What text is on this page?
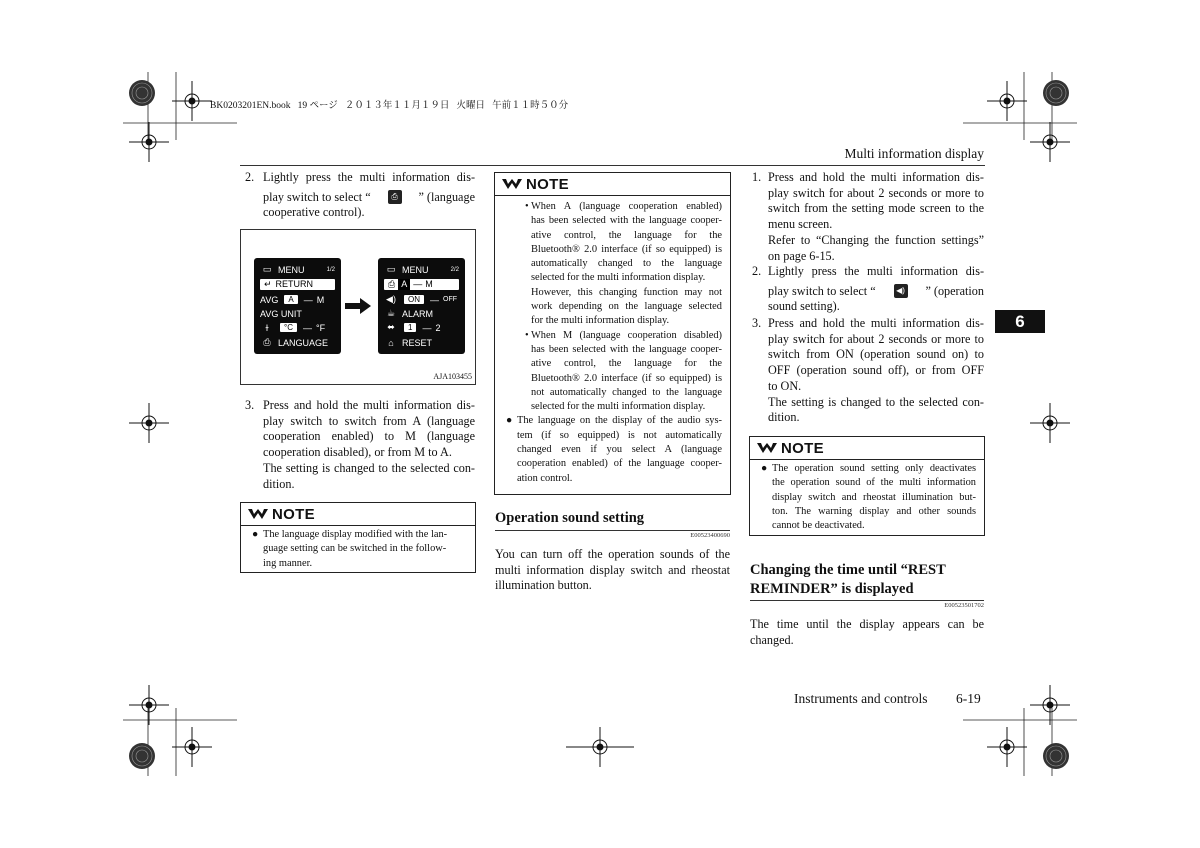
BK0203201EN.book   19 ページ   ２０１３年１１月１９日   火曜日   午前１１時５０分
Multi information display
6
2. Lightly press the multi information dis-
play switch to select “	⎙	” (language
cooperative control).
▭ MENU	1/2
↵ RETURN
AVG	A	— M
AVG UNIT
ɫ	°C	— °F
⎙ LANGUAGE
▭ MENU	2/2
⎙ A — M
◀)	ON	— OFF
☕ ALARM
⬌	1	— 2
⌂ RESET
AJA103455
3. Press and hold the multi information dis-
play switch to switch from A (language
cooperation enabled) to M (language
cooperation disabled), or from M to A.
The setting is changed to the selected con-
dition.
NOTE
● The language display modified with the lan-
guage setting can be switched in the follow-
ing manner.
NOTE
• When A (language cooperation enabled)
has been selected with the language cooper-
ative control, the language for the
Bluetooth® 2.0 interface (if so equipped) is
automatically changed to the language
selected for the multi information display.
However, this changing function may not
work depending on the language selected
for the multi information display.
• When M (language cooperation disabled)
has been selected with the language cooper-
ative control, the language for the
Bluetooth® 2.0 interface (if so equipped) is
not automatically changed to the language
selected for the multi information display.
● The language on the display of the audio sys-
tem (if so equipped) is not automatically
changed even if you select A (language
cooperation enabled) of the language cooper-
ation control.
Operation sound setting
E00523400690

You can turn off the operation sounds of the

multi information display switch and rheostat

illumination button.

1. Press and hold the multi information dis-
play switch for about 2 seconds or more to
switch from the setting mode screen to the
menu screen.
Refer to “Changing the function settings”
on page 6-15.
2. Lightly press the multi information dis-
play switch to select “	◀) ” (operation
sound setting).
3. Press and hold the multi information dis-
play switch for about 2 seconds or more to
switch from ON (operation sound on) to
OFF (operation sound off), or from OFF
to ON.
The setting is changed to the selected con-
dition.
NOTE
● The operation sound setting only deactivates
the operation sound of the multi information
display switch and rheostat illumination but-
ton. The warning display and other sounds
cannot be deactivated.
Changing the time until “REST
REMINDER” is displayed
E00523501702

The time until the display appears can be

changed.

Instruments and controls 6-19
